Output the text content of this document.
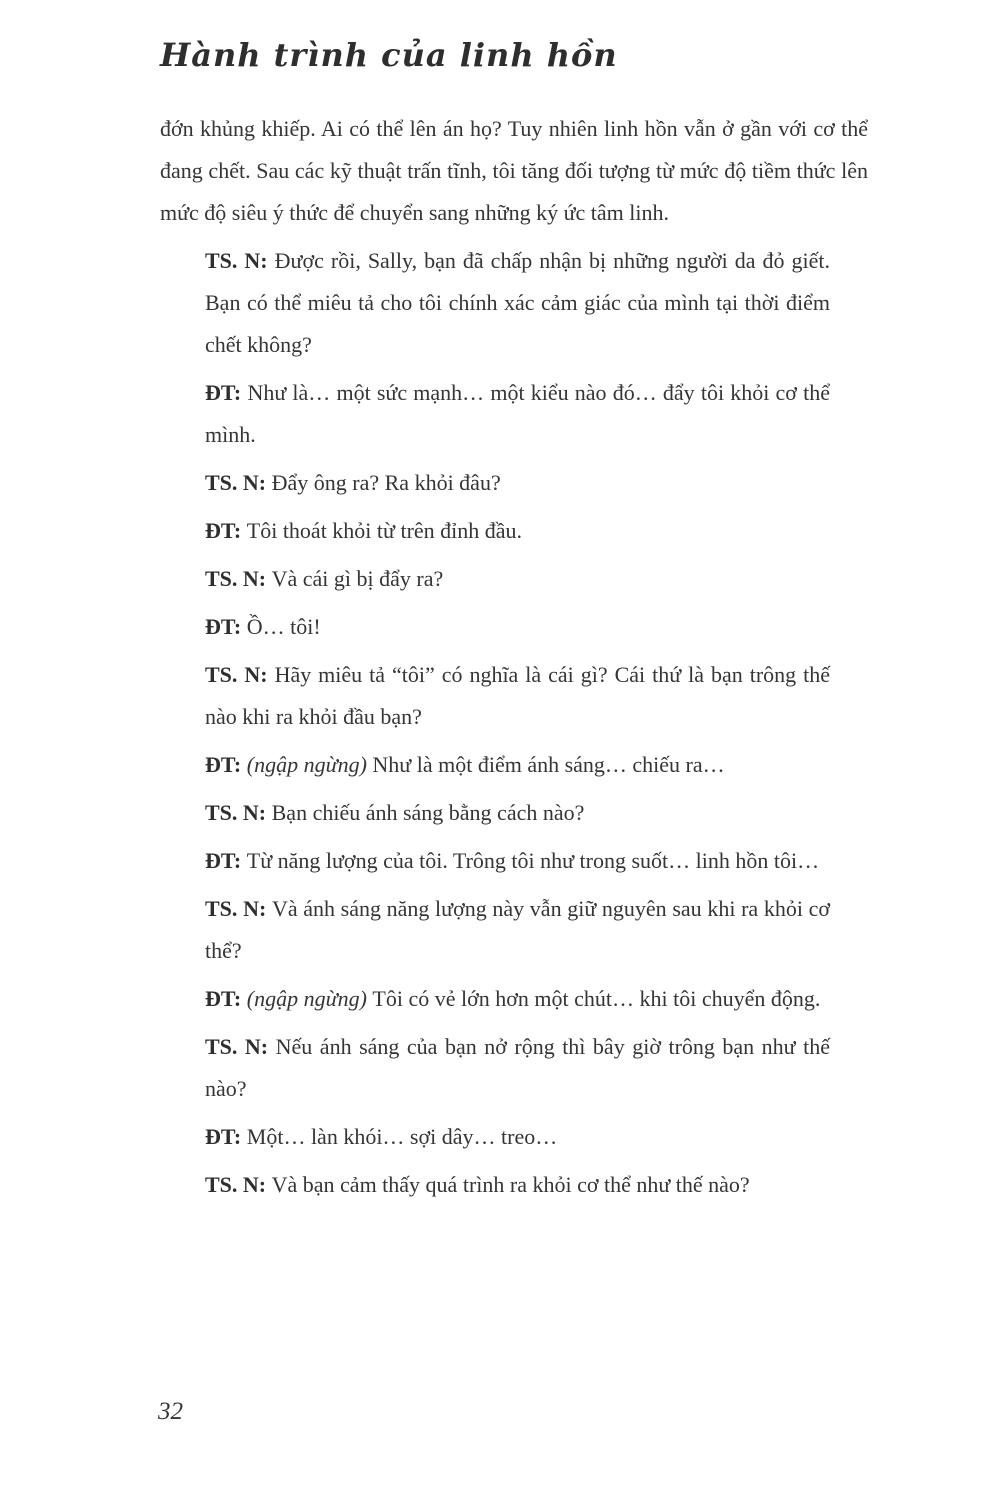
Hành trình của linh hồn

đớn khủng khiếp. Ai có thể lên án họ? Tuy nhiên linh hồn vẫn ở gần với cơ thể đang chết. Sau các kỹ thuật trấn tĩnh, tôi tăng đối tượng từ mức độ tiềm thức lên mức độ siêu ý thức để chuyển sang những ký ức tâm linh.

TS. N: Được rồi, Sally, bạn đã chấp nhận bị những người da đỏ giết. Bạn có thể miêu tả cho tôi chính xác cảm giác của mình tại thời điểm chết không?

ĐT: Như là… một sức mạnh… một kiểu nào đó… đẩy tôi khỏi cơ thể mình.

TS. N: Đẩy ông ra? Ra khỏi đâu?

ĐT: Tôi thoát khỏi từ trên đỉnh đầu.

TS. N: Và cái gì bị đẩy ra?

ĐT: Ồ… tôi!

TS. N: Hãy miêu tả “tôi” có nghĩa là cái gì? Cái thứ là bạn trông thế nào khi ra khỏi đầu bạn?

ĐT: (ngập ngừng) Như là một điểm ánh sáng… chiếu ra…

TS. N: Bạn chiếu ánh sáng bằng cách nào?

ĐT: Từ năng lượng của tôi. Trông tôi như trong suốt… linh hồn tôi…

TS. N: Và ánh sáng năng lượng này vẫn giữ nguyên sau khi ra khỏi cơ thể?

ĐT: (ngập ngừng) Tôi có vẻ lớn hơn một chút… khi tôi chuyển động.

TS. N: Nếu ánh sáng của bạn nở rộng thì bây giờ trông bạn như thế nào?

ĐT: Một… làn khói… sợi dây… treo…

TS. N: Và bạn cảm thấy quá trình ra khỏi cơ thể như thế nào?

32
